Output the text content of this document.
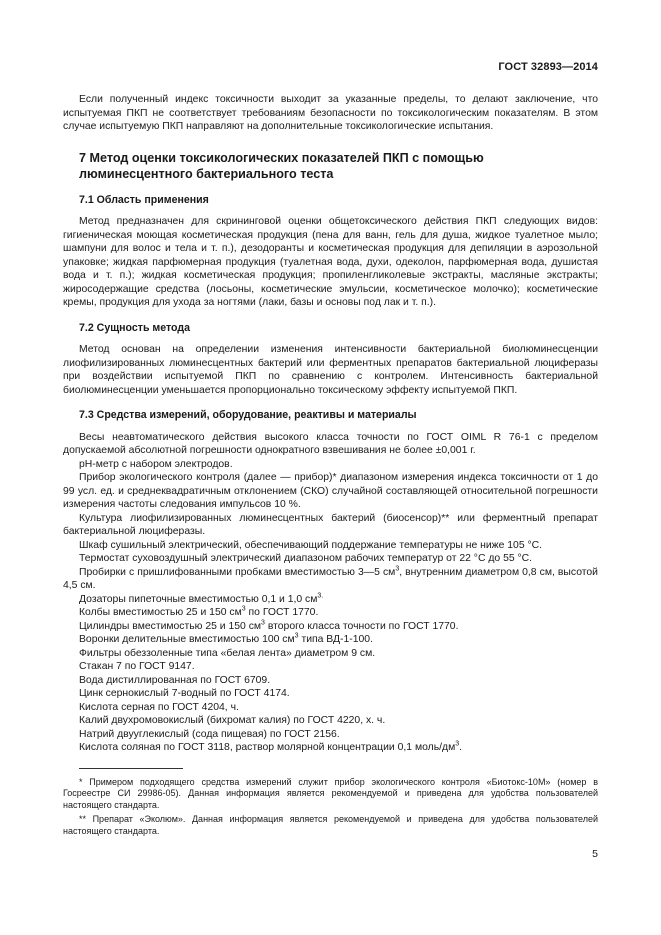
ГОСТ 32893—2014

Если полученный индекс токсичности выходит за указанные пределы, то делают заключение, что испытуемая ПКП не соответствует требованиям безопасности по токсикологическим показателям. В этом случае испытуемую ПКП направляют на дополнительные токсикологические испытания.

7 Метод оценки токсикологических показателей ПКП с помощью люминесцентного бактериального теста
7.1 Область применения

Метод предназначен для скрининговой оценки общетоксического действия ПКП следующих видов: гигиеническая моющая косметическая продукция (пена для ванн, гель для душа, жидкое туалетное мыло; шампуни для волос и тела и т. п.), дезодоранты и косметическая продукция для депиляции в аэрозольной упаковке; жидкая парфюмерная продукция (туалетная вода, духи, одеколон, парфюмерная вода, душистая вода и т. п.); жидкая косметическая продукция; пропиленгликолевые экстракты, масляные экстракты; жиросодержащие средства (лосьоны, косметические эмульсии, косметическое молочко); косметические кремы, продукция для ухода за ногтями (лаки, базы и основы под лак и т. п.).

7.2 Сущность метода

Метод основан на определении изменения интенсивности бактериальной биолюминесценции лиофилизированных люминесцентных бактерий или ферментных препаратов бактериальной люциферазы при воздействии испытуемой ПКП по сравнению с контролем. Интенсивность бактериальной биолюминесценции уменьшается пропорционально токсическому эффекту испытуемой ПКП.

7.3 Средства измерений, оборудование, реактивы и материалы

Весы неавтоматического действия высокого класса точности по ГОСТ OIML R 76-1 с пределом допускаемой абсолютной погрешности однократного взвешивания не более ±0,001 г.

pH-метр с набором электродов.

Прибор экологического контроля (далее — прибор)* диапазоном измерения индекса токсичности от 1 до 99 усл. ед. и среднеквадратичным отклонением (СКО) случайной составляющей относительной погрешности измерения частоты следования импульсов 10 %.

Культура лиофилизированных люминесцентных бактерий (биосенсор)** или ферментный препарат бактериальной люциферазы.

Шкаф сушильный электрический, обеспечивающий поддержание температуры не ниже 105 °С.

Термостат суховоздушный электрический диапазоном рабочих температур от 22 °С до 55 °С.

Пробирки с пришлифованными пробками вместимостью 3—5 $см^3$, внутренним диаметром 0,8 см, высотой 4,5 см.

Дозаторы пипеточные вместимостью 0,1 и 1,0 $см^{3.}$

Колбы вместимостью 25 и 150 $см^3$ по ГОСТ 1770.

Цилиндры вместимостью 25 и 150 $см^3$ второго класса точности по ГОСТ 1770.

Воронки делительные вместимостью 100 $см^3$ типа ВД-1-100.

Фильтры обеззоленные типа «белая лента» диаметром 9 см.

Стакан 7 по ГОСТ 9147.

Вода дистиллированная по ГОСТ 6709.

Цинк сернокислый 7-водный по ГОСТ 4174.

Кислота серная по ГОСТ 4204, ч.

Калий двухромовокислый (бихромат калия) по ГОСТ 4220, х. ч.

Натрий двууглекислый (сода пищевая) по ГОСТ 2156.

Кислота соляная по ГОСТ 3118, раствор молярной концентрации 0,1 моль/$дм^3$.

* Примером подходящего средства измерений служит прибор экологического контроля «Биотокс-10М» (номер в Госреестре СИ 29986-05). Данная информация является рекомендуемой и приведена для удобства пользователей настоящего стандарта.

** Препарат «Эколюм». Данная информация является рекомендуемой и приведена для удобства пользователей настоящего стандарта.

5
